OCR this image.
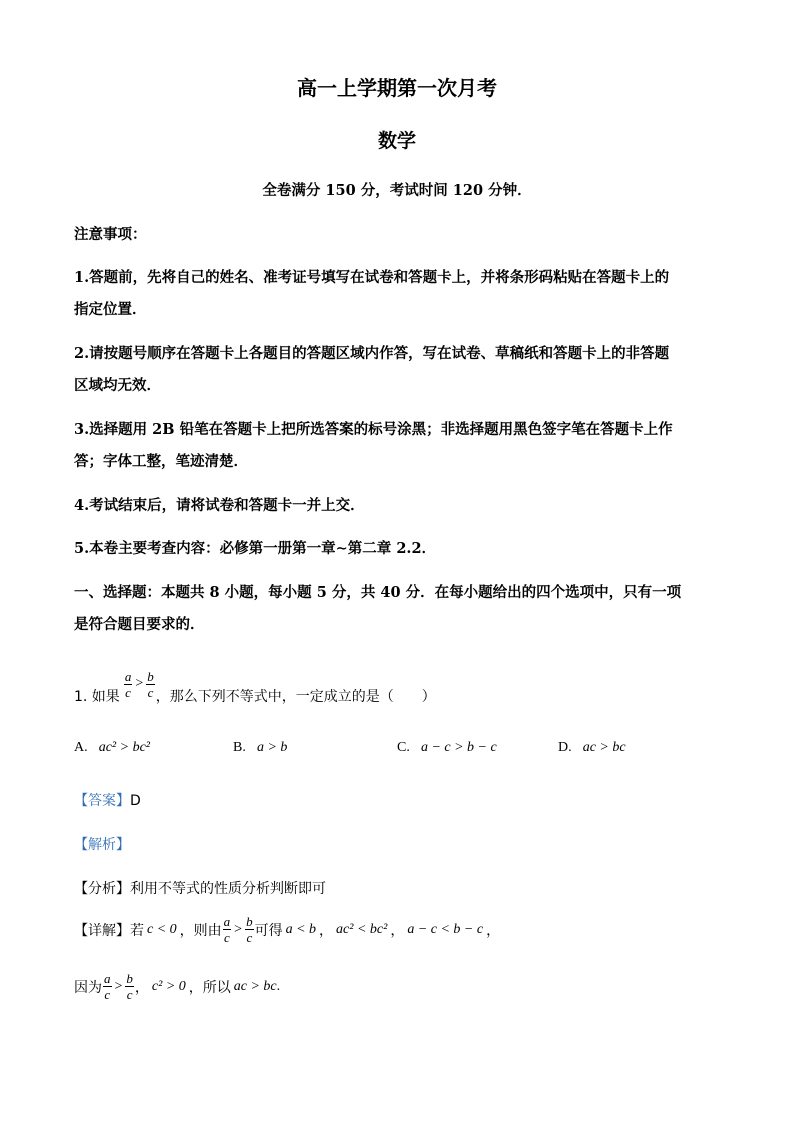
高一上学期第一次月考
数学
全卷满分 150 分，考试时间 120 分钟．
注意事项：
1.答题前，先将自己的姓名、准考证号填写在试卷和答题卡上，并将条形码粘贴在答题卡上的
指定位置．
2.请按题号顺序在答题卡上各题目的答题区域内作答，写在试卷、草稿纸和答题卡上的非答题
区域均无效．
3.选择题用 2B 铅笔在答题卡上把所选答案的标号涂黑；非选择题用黑色签字笔在答题卡上作
答；字体工整，笔迹清楚．
4.考试结束后，请将试卷和答题卡一并上交．
5.本卷主要考查内容：必修第一册第一章∼第二章 2.2．
一、选择题：本题共 8 小题，每小题 5 分，共 40 分．在每小题给出的四个选项中，只有一项
是符合题目要求的．
1. 如果 $\frac{a}{c} > \frac{b}{c}$ ，那么下列不等式中，一定成立的是（　　）
A. ac² > bc²	B. a > b	C. a − c > b − c	D. ac > bc
【答案】D
【解析】
【分析】利用不等式的性质分析判断即可
【详解】 若 c < 0 ，则由 $\frac{a}{c} > \frac{b}{c}$ 可得 a < b ， ac² < bc² ， a − c < b − c ，
因为 $\frac{a}{c} > \frac{b}{c}$ ， c² > 0 ，所以 ac > bc .
